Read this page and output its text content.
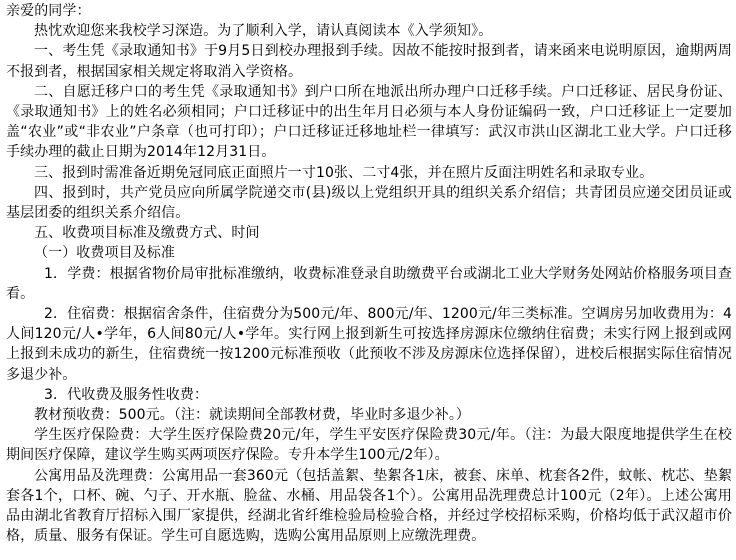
亲爱的同学：

热忱欢迎您来我校学习深造。为了顺利入学，请认真阅读本《入学须知》。

一、考生凭《录取通知书》于9月5日到校办理报到手续。因故不能按时报到者，请来函来电说明原因，逾期两周不报到者，根据国家相关规定将取消入学资格。

二、自愿迁移户口的考生凭《录取通知书》到户口所在地派出所办理户口迁移手续。户口迁移证、居民身份证、《录取通知书》上的姓名必须相同；户口迁移证中的出生年月日必须与本人身份证编码一致，户口迁移证上一定要加盖“农业”或“非农业”户条章（也可打印）；户口迁移证迁移地址栏一律填写：武汉市洪山区湖北工业大学。户口迁移手续办理的截止日期为2014年12月31日。

三、报到时需准备近期免冠同底正面照片一寸10张、二寸4张，并在照片反面注明姓名和录取专业。

四、报到时，共产党员应向所属学院递交市(县)级以上党组织开具的组织关系介绍信；共青团员应递交团员证或基层团委的组织关系介绍信。

五、收费项目标准及缴费方式、时间

（一）收费项目及标准

1．学费：根据省物价局审批标准缴纳，收费标准登录自助缴费平台或湖北工业大学财务处网站价格服务项目查看。

2．住宿费：根据宿舍条件，住宿费分为500元/年、800元/年、1200元/年三类标准。空调房另加收费用为：4人间120元/人•学年，6人间80元/人•学年。实行网上报到新生可按选择房源床位缴纳住宿费；未实行网上报到或网上报到未成功的新生，住宿费统一按1200元标准预收（此预收不涉及房源床位选择保留），进校后根据实际住宿情况多退少补。

3．代收费及服务性收费：

教材预收费：500元。（注：就读期间全部教材费，毕业时多退少补。）

学生医疗保险费：大学生医疗保险费20元/年，学生平安医疗保险费30元/年。（注：为最大限度地提供学生在校期间医疗保障，建议学生购买两项医疗保险。专升本学生100元/2年）。

公寓用品及洗理费：公寓用品一套360元（包括盖絮、垫絮各1床，被套、床单、枕套各2件，蚊帐、枕芯、垫絮套各1个，口杯、碗、勺子、开水瓶、脸盆、水桶、用品袋各1个）。公寓用品洗理费总计100元（2年）。上述公寓用品由湖北省教育厅招标入围厂家提供，经湖北省纤维检验局检验合格，并经过学校招标采购，价格均低于武汉超市价格，质量、服务有保证。学生可自愿选购，选购公寓用品原则上应缴洗理费。
